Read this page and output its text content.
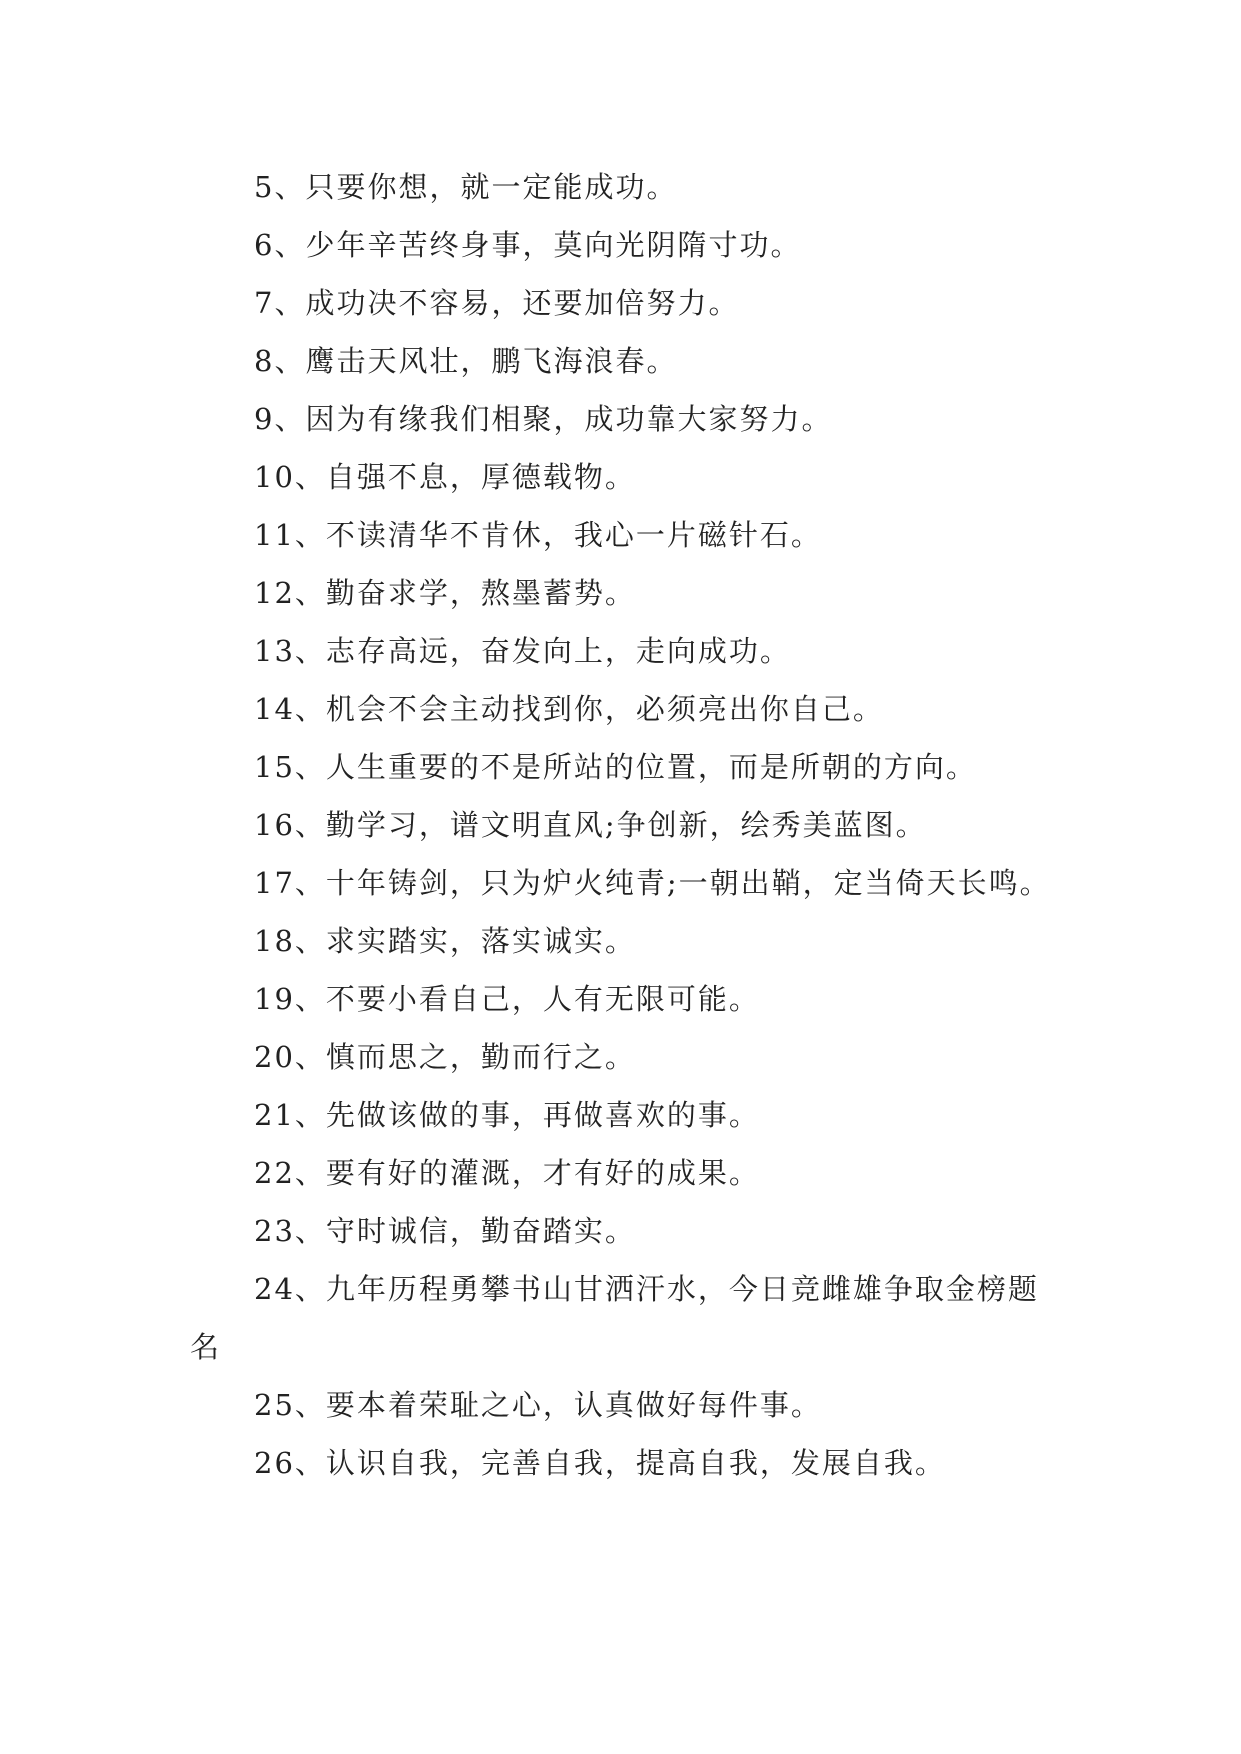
5、只要你想，就一定能成功。

6、少年辛苦终身事，莫向光阴隋寸功。

7、成功决不容易，还要加倍努力。

8、鹰击天风壮，鹏飞海浪春。

9、因为有缘我们相聚，成功靠大家努力。

10、自强不息，厚德载物。

11、不读清华不肯休，我心一片磁针石。

12、勤奋求学，熬墨蓄势。

13、志存高远，奋发向上，走向成功。

14、机会不会主动找到你，必须亮出你自己。

15、人生重要的不是所站的位置，而是所朝的方向。

16、勤学习，谱文明直风;争创新，绘秀美蓝图。

17、十年铸剑，只为炉火纯青;一朝出鞘，定当倚天长鸣。

18、求实踏实，落实诚实。

19、不要小看自己，人有无限可能。

20、慎而思之，勤而行之。

21、先做该做的事，再做喜欢的事。

22、要有好的灌溉，才有好的成果。

23、守时诚信，勤奋踏实。

24、九年历程勇攀书山甘洒汗水，今日竞雌雄争取金榜题名

25、要本着荣耻之心，认真做好每件事。

26、认识自我，完善自我，提高自我，发展自我。
